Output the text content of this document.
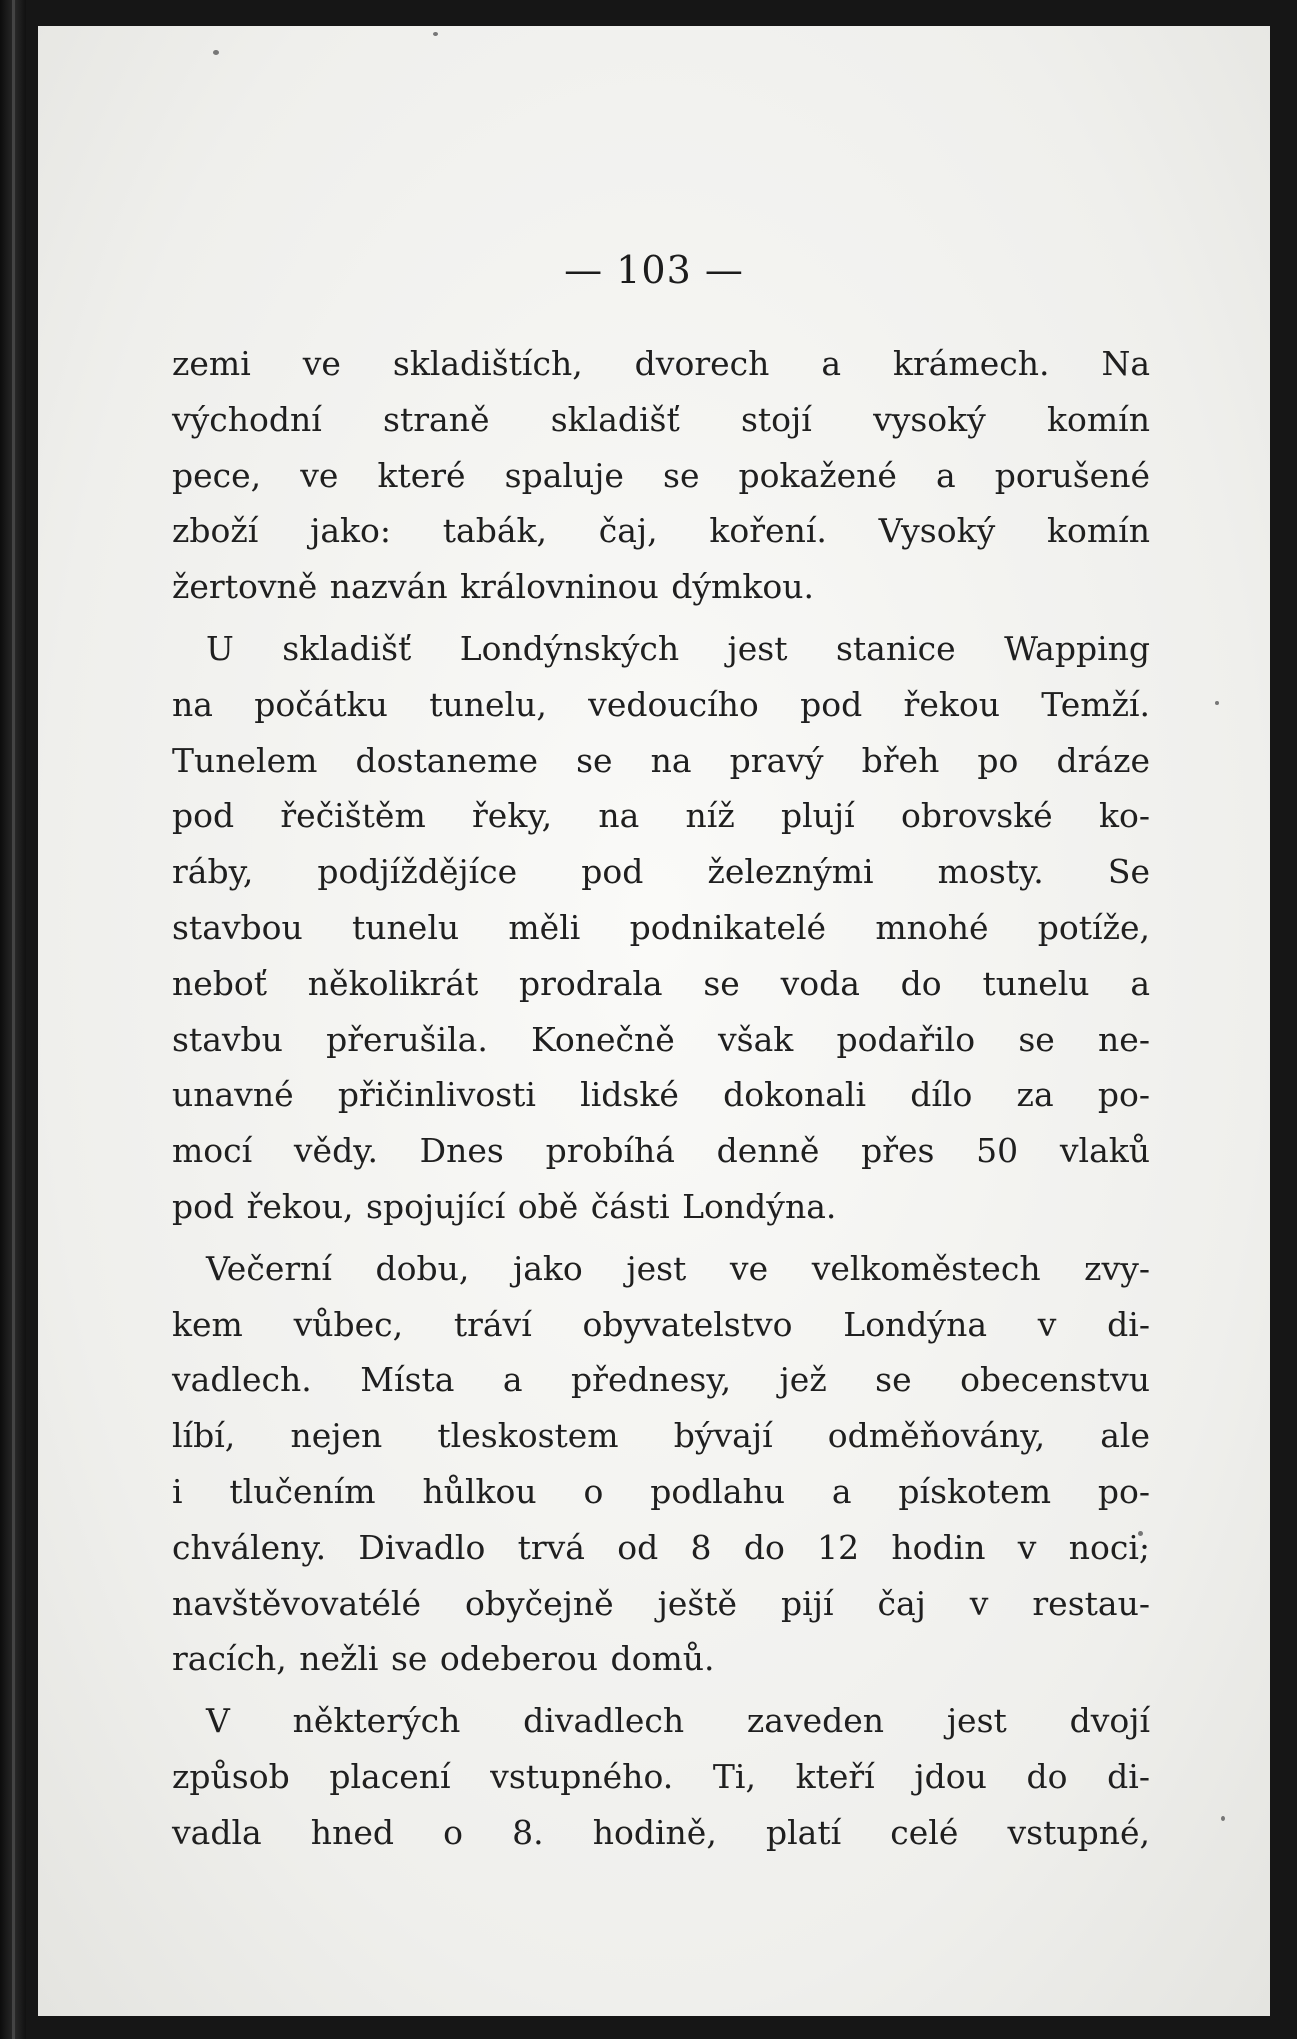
— 103 —
zemi ve skladištích, dvorech a krámech. Na
východní straně skladišť stojí vysoký komín
pece, ve které spaluje se pokažené a porušené
zboží jako: tabák, čaj, koření. Vysoký komín
žertovně nazván královninou dýmkou.
U skladišť Londýnských jest stanice Wapping
na počátku tunelu, vedoucího pod řekou Temží.
Tunelem dostaneme se na pravý břeh po dráze
pod řečištěm řeky, na níž plují obrovské ko-
ráby, podjíždějíce pod železnými mosty. Se
stavbou tunelu měli podnikatelé mnohé potíže,
neboť několikrát prodrala se voda do tunelu a
stavbu přerušila. Konečně však podařilo se ne-
unavné přičinlivosti lidské dokonali dílo za po-
mocí vědy. Dnes probíhá denně přes 50 vlaků
pod řekou, spojující obě části Londýna.
Večerní dobu, jako jest ve velkoměstech zvy-
kem vůbec, tráví obyvatelstvo Londýna v di-
vadlech. Místa a přednesy, jež se obecenstvu
líbí, nejen tleskostem bývají odměňovány, ale
i tlučením hůlkou o podlahu a pískotem po-
chváleny. Divadlo trvá od 8 do 12 hodin v noci;
navštěvovatélé obyčejně ještě pijí čaj v restau-
racích, nežli se odeberou domů.
V některých divadlech zaveden jest dvojí
způsob placení vstupného. Ti, kteří jdou do di-
vadla hned o 8. hodině, platí celé vstupné,
